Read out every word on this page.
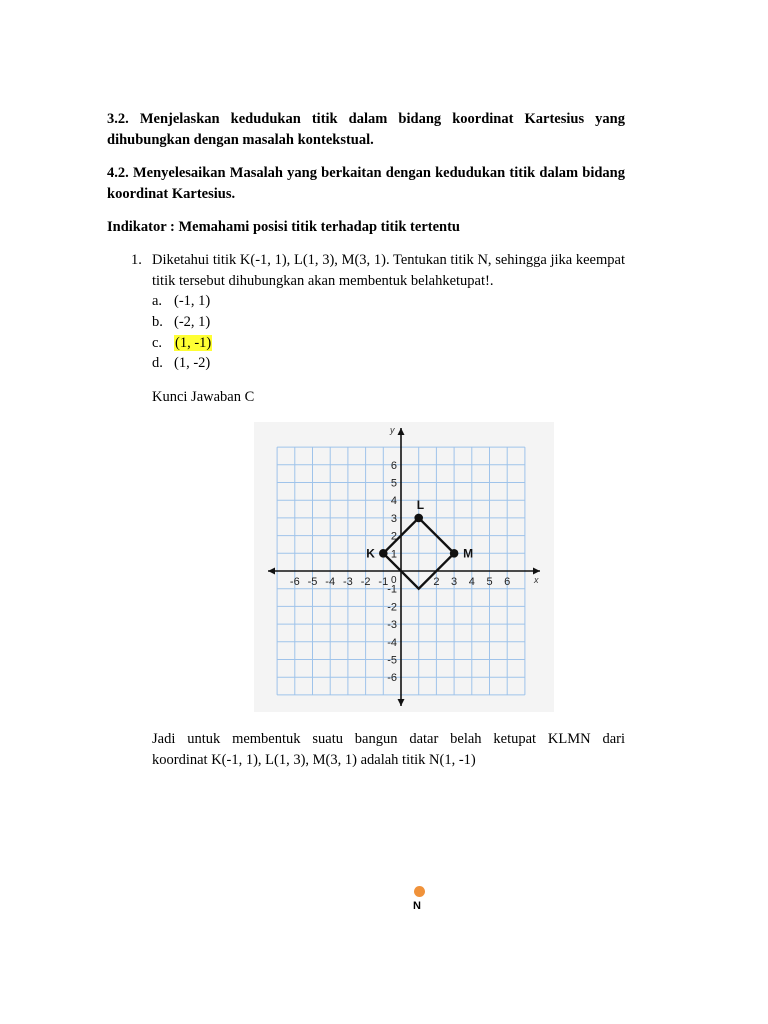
3.2. Menjelaskan kedudukan titik dalam bidang koordinat Kartesius yang dihubungkan dengan masalah kontekstual.

4.2. Menyelesaikan Masalah yang berkaitan dengan kedudukan titik dalam bidang koordinat Kartesius.

Indikator : Memahami posisi titik terhadap titik tertentu

1. Diketahui titik K(-1, 1), L(1, 3), M(3, 1). Tentukan titik N, sehingga jika keempat titik tersebut dihubungkan akan membentuk belahketupat!.

a. (-1, 1)
b. (-2, 1)
c. (1, -1)
d. (1, -2)
Kunci Jawaban C
-6
-6
-5
-5
-4
-4
-3
-3
-2
-2
-1
-1
1
2
2
3
3
4
4
5
5
6
6
K
L
M
x
y
0
Jadi untuk membentuk suatu bangun datar belah ketupat KLMN dari
koordinat K(-1, 1), L(1, 3), M(3, 1) adalah titik N(1, -1)
N
